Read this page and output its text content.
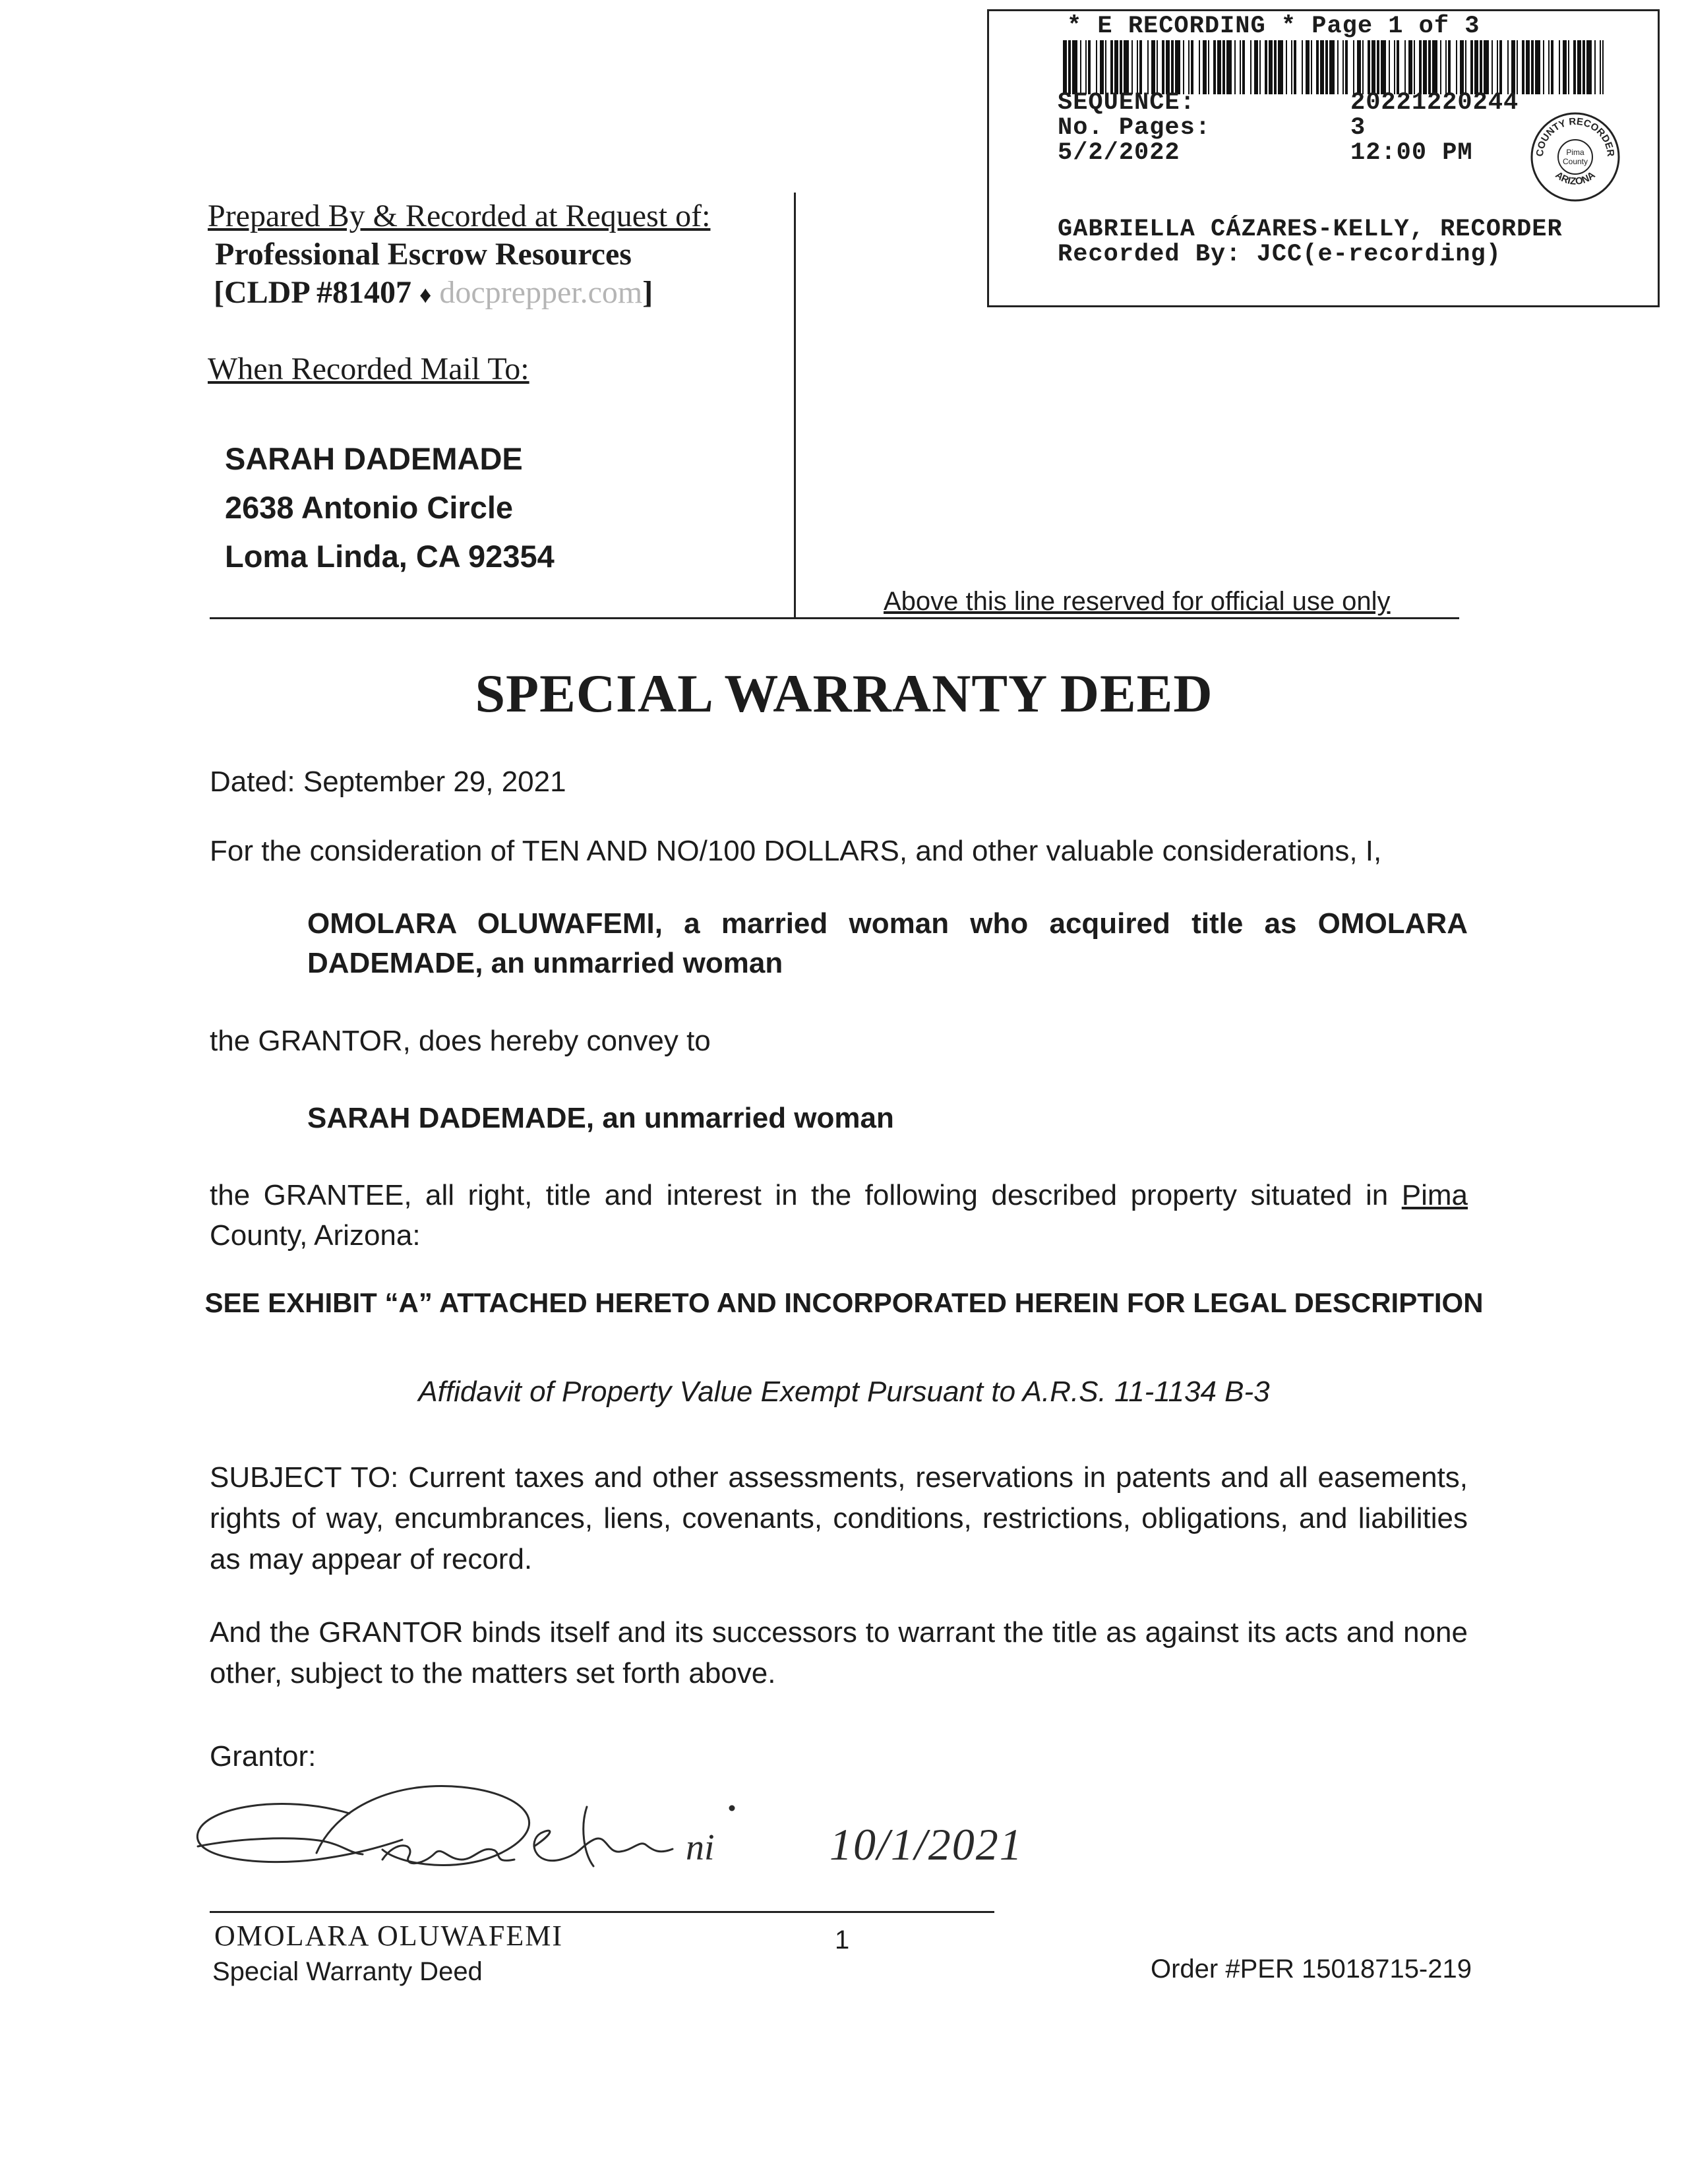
* E RECORDING * Page 1 of 3
SEQUENCE:	20221220244
No. Pages:	3
5/2/2022	12:00 PM	COUNTY RECORDER
ARIZONA
Pima
County
GABRIELLA CÁZARES-KELLY, RECORDER
Recorded By: JCC(e-recording)
Prepared By & Recorded at Request of:
Professional Escrow Resources
[CLDP #81407 ♦ docprepper.com]
When Recorded Mail To:
SARAH DADEMADE
2638 Antonio Circle
Loma Linda, CA 92354
Above this line reserved for official use only
SPECIAL WARRANTY DEED
Dated: September 29, 2021
For the consideration of TEN AND NO/100 DOLLARS, and other valuable considerations, I,
OMOLARA OLUWAFEMI, a married woman who acquired title as OMOLARA
DADEMADE, an unmarried woman
the GRANTOR, does hereby convey to
SARAH DADEMADE, an unmarried woman
the GRANTEE, all right, title and interest in the following described property situated in Pima
County, Arizona:
SEE EXHIBIT “A” ATTACHED HERETO AND INCORPORATED HEREIN FOR LEGAL DESCRIPTION
Affidavit of Property Value Exempt Pursuant to A.R.S. 11-1134 B-3
SUBJECT TO: Current taxes and other assessments, reservations in patents and all easements,
rights of way, encumbrances, liens, covenants, conditions, restrictions, obligations, and liabilities
as may appear of record.
And the GRANTOR binds itself and its successors to warrant the title as against its acts and none
other, subject to the matters set forth above.
Grantor:
ni	10/1/2021
OMOLARA OLUWAFEMI	1
Special Warranty Deed	Order #PER 15018715-219
